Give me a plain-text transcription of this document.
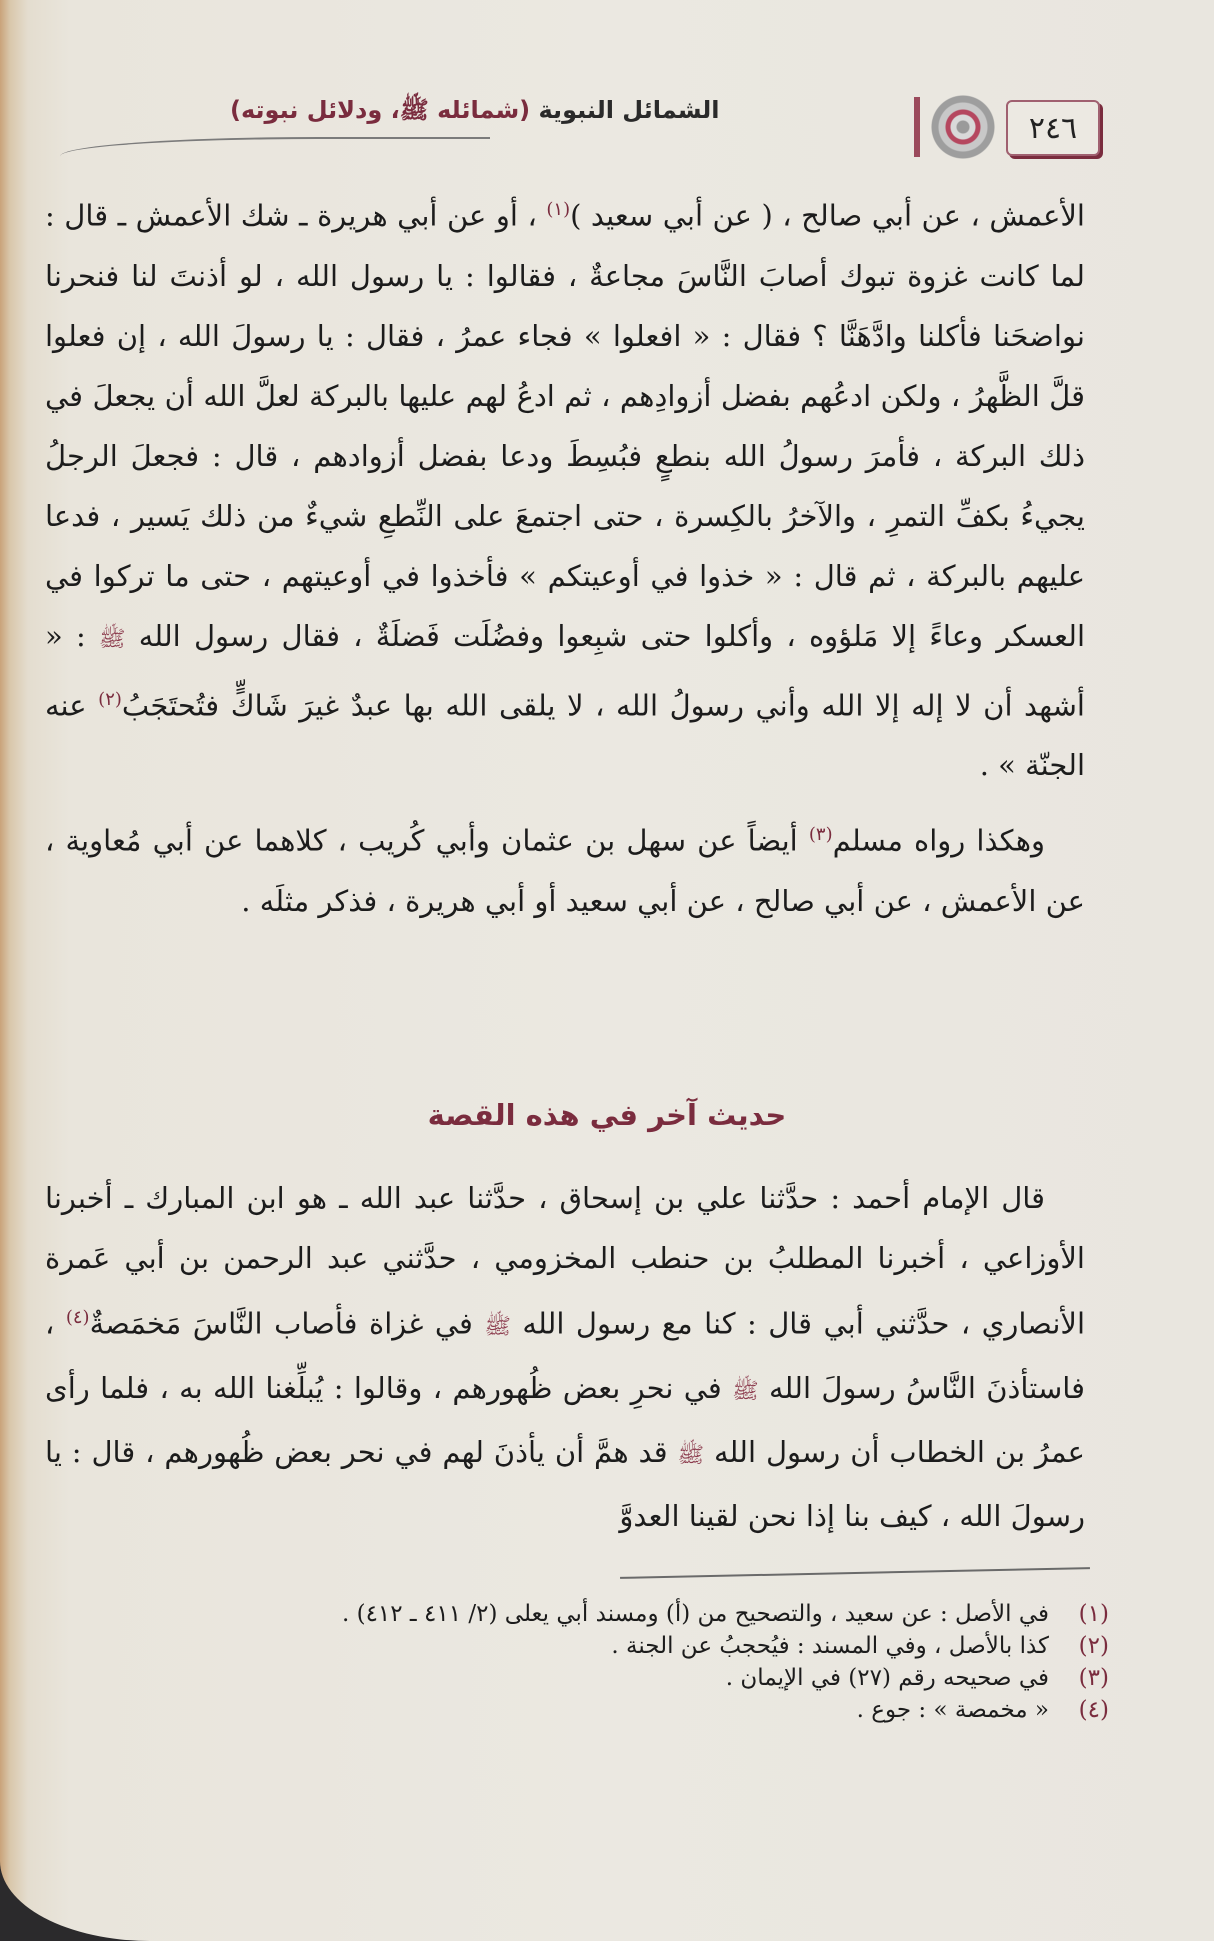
٢٤٦
الشمائل النبوية (شمائله ﷺ، ودلائل نبوته)

الأعمش ، عن أبي صالح ، ( عن أبي سعيد )$^{(١)}$ ، أو عن أبي هريرة ـ شك الأعمش ـ قال : لما كانت غزوة تبوك أصابَ النَّاسَ مجاعةٌ ، فقالوا : يا رسول الله ، لو أذنتَ لنا فنحرنا نواضحَنا فأكلنا وادَّهَنَّا ؟ فقال : « افعلوا » فجاء عمرُ ، فقال : يا رسولَ الله ، إن فعلوا قلَّ الظَّهرُ ، ولكن ادعُهم بفضل أزوادِهم ، ثم ادعُ لهم عليها بالبركة لعلَّ الله أن يجعلَ في ذلك البركة ، فأمرَ رسولُ الله بنطعٍ فبُسِطَ ودعا بفضل أزوادهم ، قال : فجعلَ الرجلُ يجيءُ بكفِّ التمرِ ، والآخرُ بالكِسرة ، حتى اجتمعَ على النِّطعِ شيءٌ من ذلك يَسير ، فدعا عليهم بالبركة ، ثم قال : « خذوا في أوعيتكم » فأخذوا في أوعيتهم ، حتى ما تركوا في العسكر وعاءً إلا مَلؤوه ، وأكلوا حتى شبِعوا وفضُلَت فَضلَةٌ ، فقال رسول الله ﷺ : « أشهد أن لا إله إلا الله وأني رسولُ الله ، لا يلقى الله بها عبدٌ غيرَ شَاكٍّ فتُحتَجَبُ$^{(٢)}$ عنه الجنّة » .

وهكذا رواه مسلم$^{(٣)}$ أيضاً عن سهل بن عثمان وأبي كُريب ، كلاهما عن أبي مُعاوية ، عن الأعمش ، عن أبي صالح ، عن أبي سعيد أو أبي هريرة ، فذكر مثلَه .

حديث آخر في هذه القصة

قال الإمام أحمد : حدَّثنا علي بن إسحاق ، حدَّثنا عبد الله ـ هو ابن المبارك ـ أخبرنا الأوزاعي ، أخبرنا المطلبُ بن حنطب المخزومي ، حدَّثني عبد الرحمن بن أبي عَمرة الأنصاري ، حدَّثني أبي قال : كنا مع رسول الله ﷺ في غزاة فأصاب النَّاسَ مَخمَصةٌ$^{(٤)}$ ، فاستأذنَ النَّاسُ رسولَ الله ﷺ في نحرِ بعض ظُهورهم ، وقالوا : يُبلِّغنا الله به ، فلما رأى عمرُ بن الخطاب أن رسول الله ﷺ قد همَّ أن يأذنَ لهم في نحر بعض ظُهورهم ، قال : يا رسولَ الله ، كيف بنا إذا نحن لقينا العدوَّ

(١)
في الأصل : عن سعيد ، والتصحيح من (أ) ومسند أبي يعلى (٢/ ٤١١ ـ ٤١٢) .
(٢)
كذا بالأصل ، وفي المسند : فيُحجبُ عن الجنة .
(٣)
في صحيحه رقم (٢٧) في الإيمان .
(٤)
« مخمصة » : جوع .
